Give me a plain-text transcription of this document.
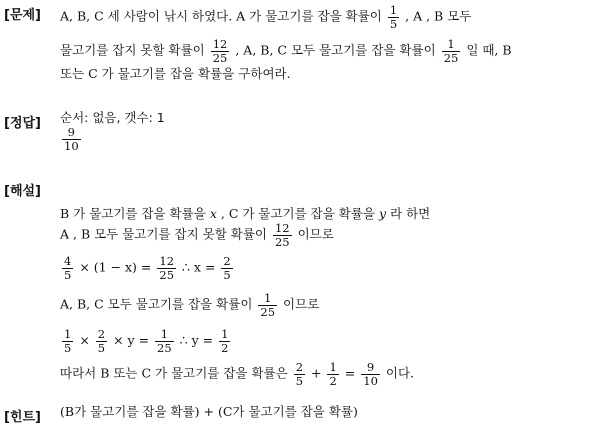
[문제] A, B, C 세 사람이 낚시 하였다. A 가 물고기를 잡을 확률이 $\frac{1}{5}$ , A , B 모두
물고기를 잡지 못할 확률이 $\frac{12}{25}$ , A, B, C 모두 물고기를 잡을 확률이 $\frac{1}{25}$ 일 때, B
또는 C 가 물고기를 잡을 확률을 구하여라.
[정답] 순서: 없음, 갯수: 1
$\frac{9}{10}$
[해설]
B 가 물고기를 잡을 확률을 x , C 가 물고기를 잡을 확률을 y 라 하면
A , B 모두 물고기를 잡지 못할 확률이 $\frac{12}{25}$ 이므로
$\frac{4}{5} \times (1 - x) = \frac{12}{25}$ ∴ $x = \frac{2}{5}$
A, B, C 모두 물고기를 잡을 확률이 $\frac{1}{25}$ 이므로
$\frac{1}{5} \times \frac{2}{5} \times y = \frac{1}{25}$ ∴ $y = \frac{1}{2}$
따라서 B 또는 C 가 물고기를 잡을 확률은 $\frac{2}{5} + \frac{1}{2} = \frac{9}{10}$ 이다.
[힌트] (B가 물고기를 잡을 확률) + (C가 물고기를 잡을 확률)
